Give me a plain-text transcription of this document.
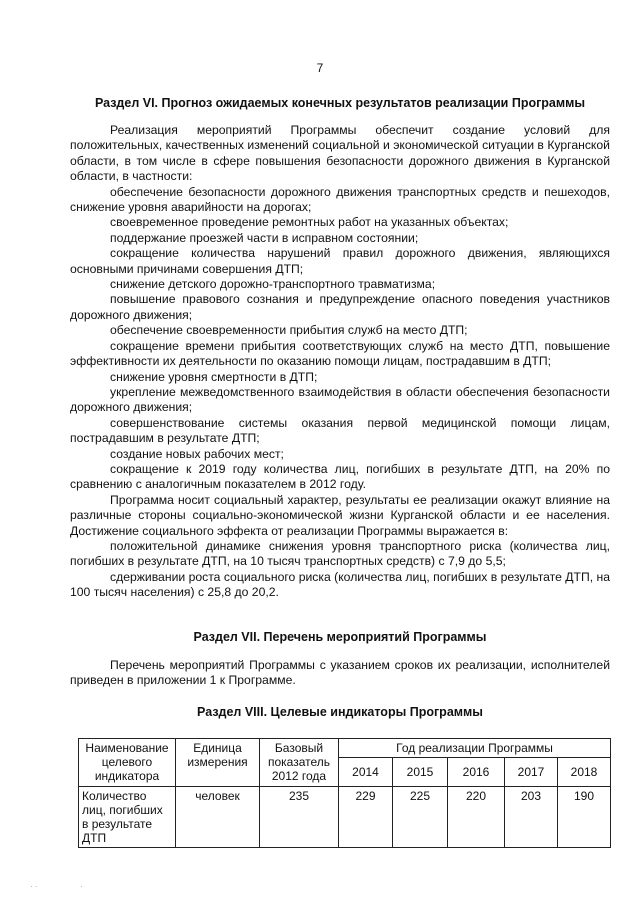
7
Раздел VI. Прогноз ожидаемых конечных результатов реализации Программы

Реализация мероприятий Программы обеспечит создание условий для положительных, качественных изменений социальной и экономической ситуации в Курганской области, в том числе в сфере повышения безопасности дорожного движения в Курганской области, в частности:

обеспечение безопасности дорожного движения транспортных средств и пешеходов, снижение уровня аварийности на дорогах;

своевременное проведение ремонтных работ на указанных объектах;

поддержание проезжей части в исправном состоянии;

сокращение количества нарушений правил дорожного движения, являющихся основными причинами совершения ДТП;

снижение детского дорожно-транспортного травматизма;

повышение правового сознания и предупреждение опасного поведения участников дорожного движения;

обеспечение своевременности прибытия служб на место ДТП;

сокращение времени прибытия соответствующих служб на место ДТП, повышение эффективности их деятельности по оказанию помощи лицам, пострадавшим в ДТП;

снижение уровня смертности в ДТП;

укрепление межведомственного взаимодействия в области обеспечения безопасности дорожного движения;

совершенствование системы оказания первой медицинской помощи лицам, пострадавшим в результате ДТП;

создание новых рабочих мест;

сокращение к 2019 году количества лиц, погибших в результате ДТП, на 20% по сравнению с аналогичным показателем в 2012 году.

Программа носит социальный характер, результаты ее реализации окажут влияние на различные стороны социально-экономической жизни Курганской области и ее населения. Достижение социального эффекта от реализации Программы выражается в:

положительной динамике снижения уровня транспортного риска (количества лиц, погибших в результате ДТП, на 10 тысяч транспортных средств) с 7,9 до 5,5;

сдерживании роста социального риска (количества лиц, погибших в результате ДТП, на 100 тысяч населения) с 25,8 до 20,2.

Раздел VII. Перечень мероприятий Программы

Перечень мероприятий Программы с указанием сроков их реализации, исполнителей приведен в приложении 1 к Программе.

Раздел VIII. Целевые индикаторы Программы
Наименование целевого индикатора	Единица измерения	Базовый показатель 2012 года	Год реализации Программы				
			2014	2015	2016	2017	2018
Количество лиц, погибших в результате ДТП	человек	235	229	225	220	203	190
· ·	·
